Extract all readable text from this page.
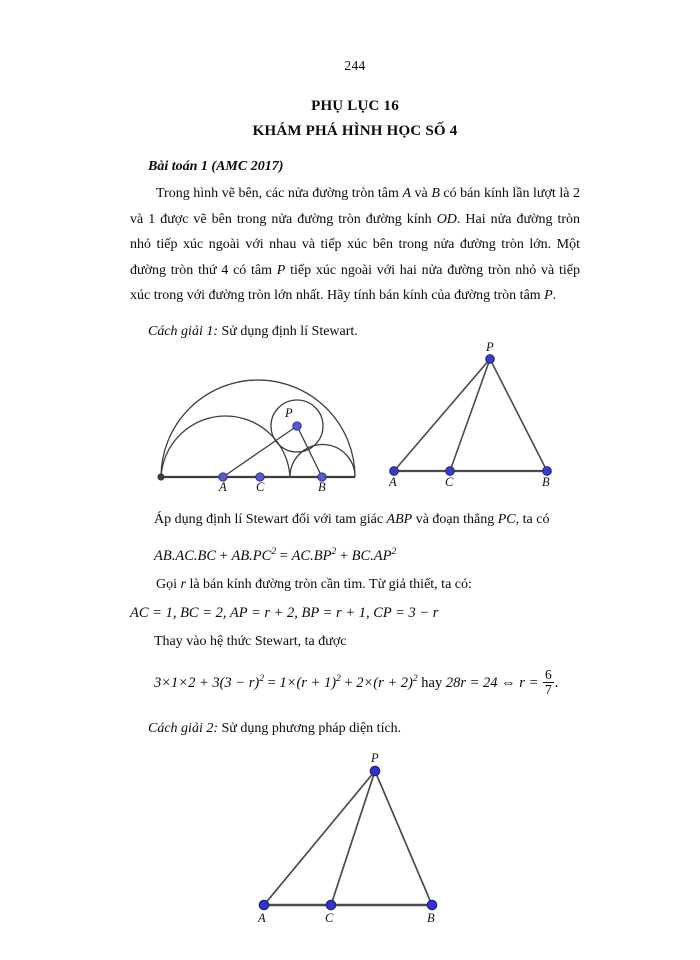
244
PHỤ LỤC 16
KHÁM PHÁ HÌNH HỌC SỐ 4
Bài toán 1 (AMC 2017)

Trong hình vẽ bên, các nửa đường tròn tâm A và B có bán kính lần lượt là 2 và 1 được vẽ bên trong nửa đường tròn đường kính OD. Hai nửa đường tròn nhỏ tiếp xúc ngoài với nhau và tiếp xúc bên trong nửa đường tròn lớn. Một đường tròn thứ 4 có tâm P tiếp xúc ngoài với hai nửa đường tròn nhỏ và tiếp xúc trong với đường tròn lớn nhất. Hãy tính bán kính của đường tròn tâm P.

Cách giải 1: Sử dụng định lí Stewart.
A C	B
P
A	C	B
P

Áp dụng định lí Stewart đối với tam giác ABP và đoạn thẳng PC, ta có

$AB.AC.BC + AB.PC^2 = AC.BP^2 + BC.AP^2$

Gọi r là bán kính đường tròn cần tìm. Từ giả thiết, ta có:

AC = 1, BC = 2, AP = r + 2, BP = r + 1, CP = 3 − r

Thay vào hệ thức Stewart, ta được

$3\times 1\times 2 + 3(3 - r)^2 = 1\times(r + 1)^2 + 2\times(r + 2)^2$ hay 28r = 24 ⇔ $r = \frac{6}{7}$ .
Cách giải 2: Sử dụng phương pháp diện tích.
A	C	B
P
